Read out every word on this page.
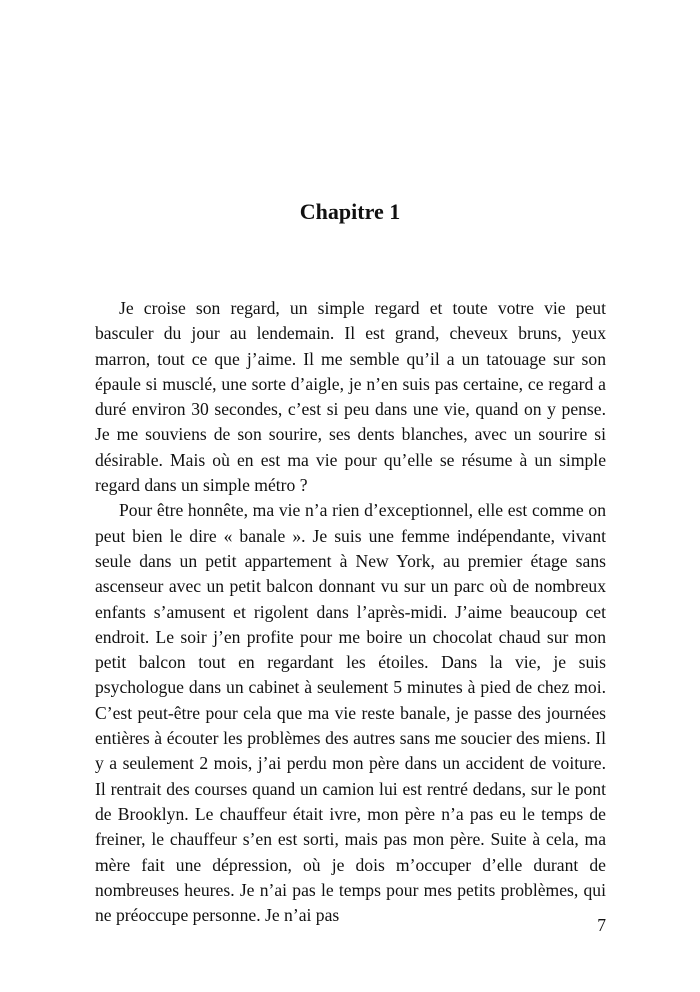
Chapitre 1

Je croise son regard, un simple regard et toute votre vie peut basculer du jour au lendemain. Il est grand, cheveux bruns, yeux marron, tout ce que j’aime. Il me semble qu’il a un tatouage sur son épaule si musclé, une sorte d’aigle, je n’en suis pas certaine, ce regard a duré environ 30 secondes, c’est si peu dans une vie, quand on y pense. Je me souviens de son sourire, ses dents blanches, avec un sourire si désirable. Mais où en est ma vie pour qu’elle se résume à un simple regard dans un simple métro ?

Pour être honnête, ma vie n’a rien d’exceptionnel, elle est comme on peut bien le dire « banale ». Je suis une femme indépendante, vivant seule dans un petit appartement à New York, au premier étage sans ascenseur avec un petit balcon donnant vu sur un parc où de nombreux enfants s’amusent et rigolent dans l’après-midi. J’aime beaucoup cet endroit. Le soir j’en profite pour me boire un chocolat chaud sur mon petit balcon tout en regardant les étoiles. Dans la vie, je suis psychologue dans un cabinet à seulement 5 minutes à pied de chez moi. C’est peut-être pour cela que ma vie reste banale, je passe des journées entières à écouter les problèmes des autres sans me soucier des miens. Il y a seulement 2 mois, j’ai perdu mon père dans un accident de voiture. Il rentrait des courses quand un camion lui est rentré dedans, sur le pont de Brooklyn. Le chauffeur était ivre, mon père n’a pas eu le temps de freiner, le chauffeur s’en est sorti, mais pas mon père. Suite à cela, ma mère fait une dépression, où je dois m’occuper d’elle durant de nombreuses heures. Je n’ai pas le temps pour mes petits problèmes, qui ne préoccupe personne. Je n’ai pas	7
